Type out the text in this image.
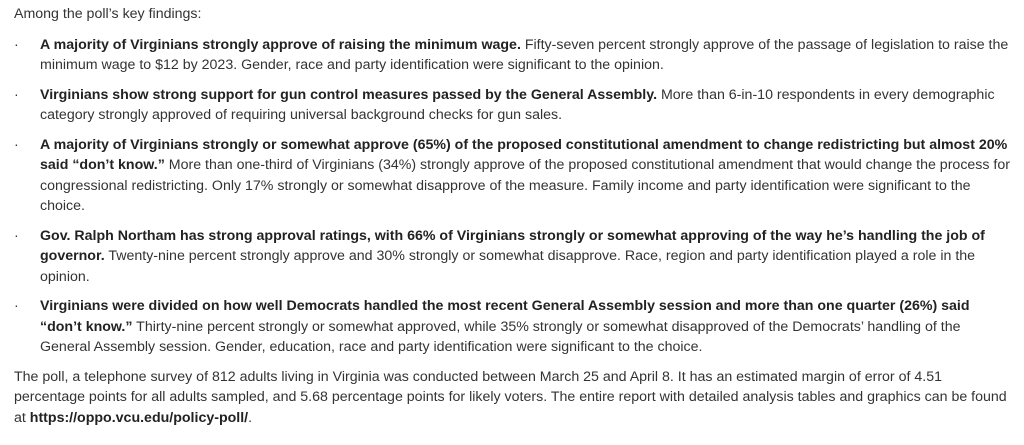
Among the poll’s key findings:

· A majority of Virginians strongly approve of raising the minimum wage. Fifty-seven percent strongly approve of the passage of legislation to raise the minimum wage to $12 by 2023. Gender, race and party identification were significant to the opinion.
· Virginians show strong support for gun control measures passed by the General Assembly. More than 6-in-10 respondents in every demographic category strongly approved of requiring universal background checks for gun sales.
· A majority of Virginians strongly or somewhat approve (65%) of the proposed constitutional amendment to change redistricting but almost 20% said “don’t know.” More than one-third of Virginians (34%) strongly approve of the proposed constitutional amendment that would change the process for congressional redistricting. Only 17% strongly or somewhat disapprove of the measure. Family income and party identification were significant to the choice.
· Gov. Ralph Northam has strong approval ratings, with 66% of Virginians strongly or somewhat approving of the way he’s handling the job of governor. Twenty-nine percent strongly approve and 30% strongly or somewhat disapprove. Race, region and party identification played a role in the opinion.
· Virginians were divided on how well Democrats handled the most recent General Assembly session and more than one quarter (26%) said “don’t know.” Thirty-nine percent strongly or somewhat approved, while 35% strongly or somewhat disapproved of the Democrats’ handling of the General Assembly session. Gender, education, race and party identification were significant to the choice.

The poll, a telephone survey of 812 adults living in Virginia was conducted between March 25 and April 8. It has an estimated margin of error of 4.51 percentage points for all adults sampled, and 5.68 percentage points for likely voters. The entire report with detailed analysis tables and graphics can be found at https://oppo.vcu.edu/policy-poll/.
